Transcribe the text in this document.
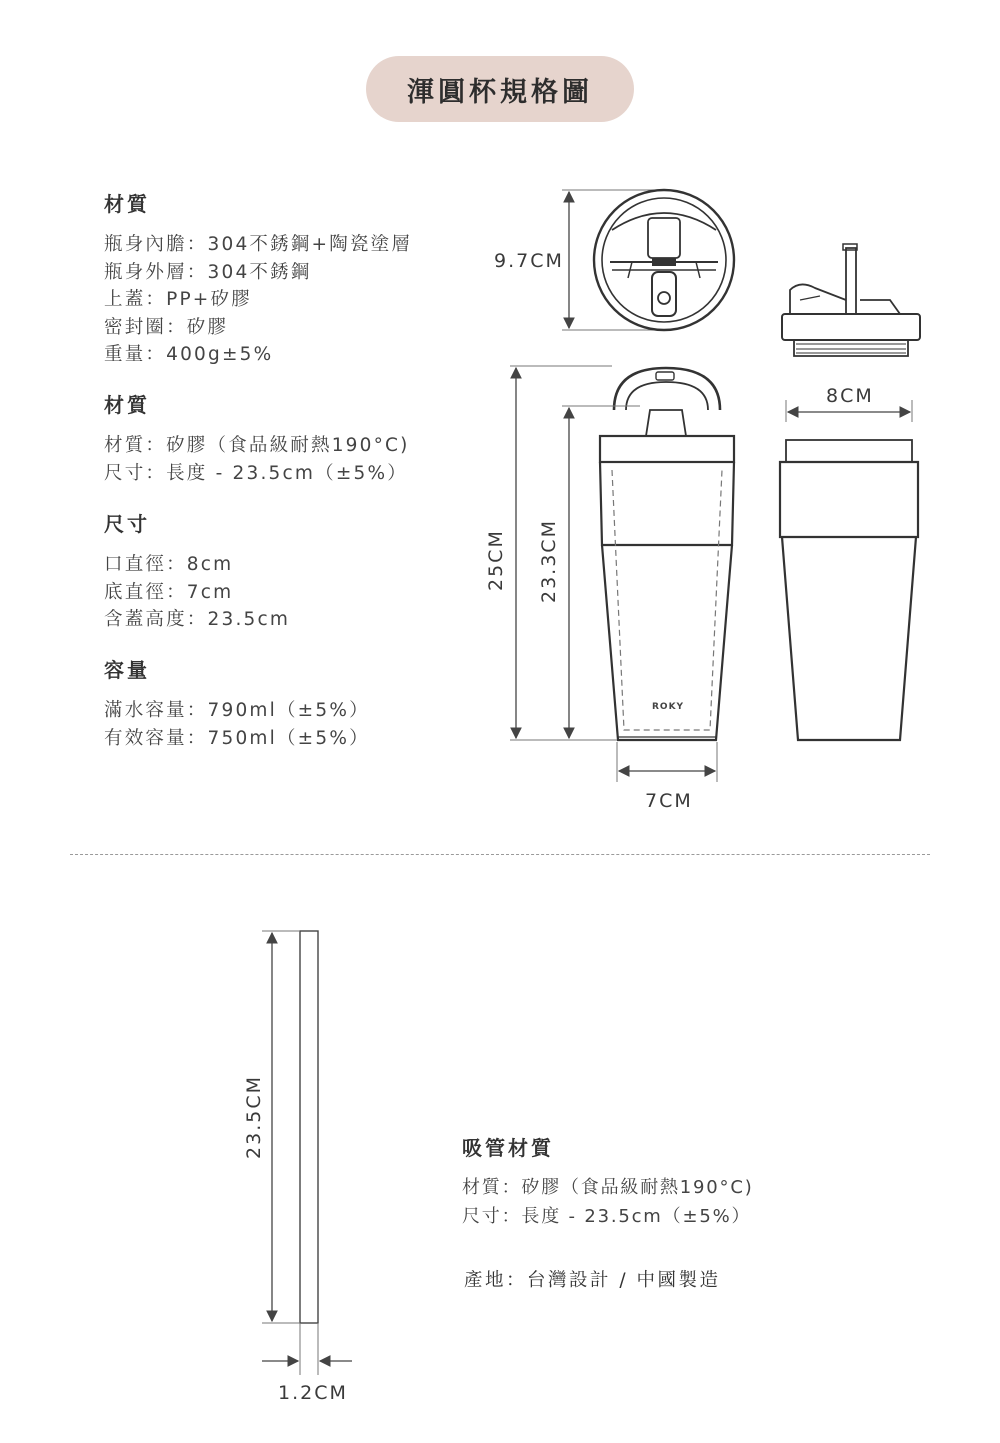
渾圓杯規格圖
材質

瓶身內膽：304不銹鋼+陶瓷塗層

瓶身外層：304不銹鋼

上蓋：PP+矽膠

密封圈：矽膠

重量：400g±5%

材質

材質：矽膠（食品級耐熱190°C)

尺寸：長度 - 23.5cm（±5%）

尺寸

口直徑：8cm

底直徑：7cm

含蓋高度：23.5cm

容量

滿水容量：790ml（±5%）

有效容量：750ml（±5%）

9.7CM
8CM
25CM 23.3CM
7CM
ROKY
23.5CM
1.2CM
吸管材質

材質：矽膠（食品級耐熱190°C)

尺寸：長度 - 23.5cm（±5%）

產地：台灣設計 / 中國製造
